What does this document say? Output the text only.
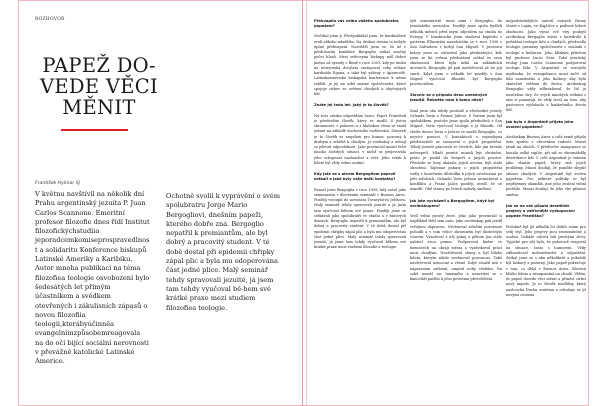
ROZHOVOR
PAPEŽ DOVEDE VĚCI MĚNIT
František Hylmar SJ

V květnu navštívil na několik dní Prahu argentinský jezuita P. Juan Carlos Scannone. Emeritní profesor filozofie dnes řídí Institut filozofickýchstudiia jeporadcemkomiseprospravedlnost a solidaritu Konference biskupů Latinské Ameriky a Karibiku. Autor mnoha publikací na téma filozofiea teologie osvobození bylo šedesátých let přímým účastníkem a svědkem otevřených i zákulisních zápasů o novou filozofiia teologii,kterábyúčinněa evangelnímzpůsobemreagovala na do očí bijící sociální nerovnosti v převážně katolické Latinské Americe.

Ochotně svolil k vyprávění o svém spolubratru Jorge Mario Bergogliovi, dnešním papeži, kterého dobře zná. Bergoglio nepatřil k premiantům, ale byl dobrý a pracovitý student. V té době dostal při epidemii chřipky zápal plic a byla mu odoperována část jedné plíce. Malý seminář tehdy spravovali jezuité, já jsem tam tehdy vyučoval bě-hem své krátké praxe mezi studiem filozofiea teologie.

Překvapilo vás volba vašeho spolubratra papežem?

Nečekal jsem ji. Předpokládal jsem, že kardinálové zvolí někoho mladšího. Na druhou stranu to nebylo úplné překvapení. Dozvěděl jsem se, že už v předchozím konkláve Bergoglio získal značný počet hlasů. Mezi světovými biskupy měl dobré jméno od synody v Římě v roce 2001, kdy po útoku na newyorská dvojčata zastupoval coby relátor kardinála Egana, a také byl vážený v Aparecidě. Latinskoamerická biskupská konference k němu vzhlíží, je jej na sobě známé společenství, které spojuje církev se světem chudých a obyčejných lidí.

Znáte jej řadu let. Jaký je to člověk?

Na tuto otázku odpovídám často. Papež František je především člověk, který se modlí. S jistou skromností, s pokorou a s hlubokou vírou se snaží jednat na základě duchovního rozlišování. Zároveň je to člověk se smyslem pro humor, pozorný k druhým a zvláště k chudým. Je rozhodný a nebojí se převzít odpovědnost. Jako provinciál musel řešit mnoho složitých situací, v nichž se projevovala jeho schopnost naslouchat a vést. Jeho vztah k lidem byl vždy velmi osobní.

Kdy jste se s otcem Bergogliem poprvé setkali a jaké byly vaše další kontakty?

Poznal jsem Bergoglia v roce 1958, kdy začal jako seminarista v diecézním semináři v Buenos Aires. Později vstoupil do noviciátu Tovaryšstva Ježíšova. Malý seminář tehdy spravovali jezuité a já jsem tam vyučoval během své praxe. Později jsme se setkávali jako spolubratři ve studiu a v řádových domech. Bergoglio nepatřil k premiantům, ale byl dobrý a pracovitý student. V té době dostal při epidemii chřipky zápal plic a byla mu odoperována část jedné plíce. Malý seminář tehdy spravovali jezuité, já jsem tam tehdy vyučoval během své krátké praxe mezi studiem filozofie a teologie.

tyři semináristé, mezi nimi i Bergoglio, do jezuitského noviciátu. Později jsme spolu bydleli několik měsíců před mým odjezdem na studia do Evropy. V Innsbrucku jsem studoval kupředu s patérem Ellacuríou navrátivším se v roce 1958 v San Salvadoru v koleji San Miguel. V prostoru koleje jsem se zúčastnil jako přednášející, kde jsem se ke svému přednášení setkal se svou zkušeností, která byla úzká na základních úrovních. Bergoglio již pak navštěvoval až do její smrti. Když jsem o několik let později v San Miguel vyučoval filozofii, byl Bergoglio provinciálem.

Slovníc se o případu dvou unesených jezuitů. Řekněte nám k tomu něco?

Znal jsem oba tehdy proslulé a věrohodné jezuity Orlanda Yoria a Franze Jalicse. S Yoriem jsem byl spolužákem, protože jsme spolu přednášeli v San Miguel. Yorio vyučoval teologii a já filozofii. Od chvíle únosu Yoria a Jalicse se snažil Bergoglio, co nejvíce pomoci. V kontaktech s vojenskými představiteli se zasazoval o jejich propuštění. Tehdy jezuité pracovali ve čtvrtích, kde jim hrozilo nebezpečí. Mladí jezuité museli být chráněni, proto je poslal do bezpečí a jiných prostor. Přestože se brzy ukázala jejich nevina, byli stále ohroženi. Tajemné pokusy o jejich propuštění vedly v konečném důsledku k jejich osvobození po pěti měsících. Orlando Yorio jednou nezmiňoval o konfliktu a Franz Jalics později uvedl, že se usmířil. Obě strany po letech nalezly smíření.

Jak jste vycházeli s Bergogliem, když byl arcibiskupem?

Vedl velmi prostý život. Jeho jako provinciál si například řídil sám auto, jako arcibiskup pak jezdil veřejnou dopravou. Nevěnoval zvláštní pozornost pohodlí a v tom velice skromném byl skutečným vzorem. Vyzařoval z něj pokoj a přitom jim stále nabízel svou pomoc. Podporoval kněze ve farnostech na okraji města a vyzdvihoval práci mezi chudými. Navštěvoval slumy a byl blízko lidem, kterým nikdo nevěnoval pozornost. Také navštěvoval nemocné a vězně. Když sloužil mši v nápravném zařízení, umýval nohy vězňům. Na sobě neměl nic luxusního a nezavírat se v kanceláři patřilo k jeho pevnému přesvědčení.

nejpodstatnějších autorů svatých Panny Marie z Luján, ve Kapličce o podivné lidové zbožnosti. Jako výraz své víry poskytl arcibiskup Bergoglio místo v katedrále k pořádání teologie lidu a chudých, předvedla teologie prameny společenství v souladu s teologií a kulturou. Jeho blízkým přítelem byl profesor Lucio Gera. Také jezuitský teolog Juan Carlos Scannone podporoval teologii lidu. V Argentině se rozvíjela myšlenka, že evangelizace musí začít od lidu samotného a jeho kultury, aby byla skutečně vtělená do života. Arcibiskup Bergoglio vždy zdůrazňoval, že lid je nositelem víry. Ze svých mnohých setkání s ním si pamatuji, že vždy trval na tom, aby pastorace vycházela z konkrétního života lidí.

Jak bylo v Argentině přijato jeho zvolení papežem?

Arcibiskup Buenos Aires a celá země přijala tuto zprávu s obrovskou radostí. Mnozí jásali na ulicích. V předvečer inaugurace se konala velká vigilie, při níž se shromáždily desetitisíce lidí. V celé Argentině je vnímán jako vlastní papež, který zná jejich problémy. Mnozí doufají, že pomůže zlepšit situaci chudých. V Argentině byl zvolen papežem. Pro některé politiky to byl nepříjemný okamžik, jiné jeho zvolení velmi potěšilo. Mnozí doufají, že jeho vliv přinese změnu.

Jak se na vás působí desetiletí projevy a vstřícnější vystupování papeže Františka?

Podobně byl již několik let dobře znám pro svůj styl. Jeho projevy jsou srozumitelné a osobní. Dokáže oslovit lidi prostými slovy. Typické pro něj bylo, že pohotově reagoval na situace, často s humorem. Vždy zdůrazňoval milosrdenství a odpuštění. Setkal jsem se s ním několikrát a pokaždé byl laskavý a pozorný. Jako papež pokračuje v tom, co dělal v Buenos Aires. Zůstává blízko lidem a nezapomíná na chudé. Věřím, že papež dovede věci měnit a přinést církvi nový impuls. Je to člověk modlitby, který naslouchá Duchu svatému a odvažuje se jít novými cestami.
